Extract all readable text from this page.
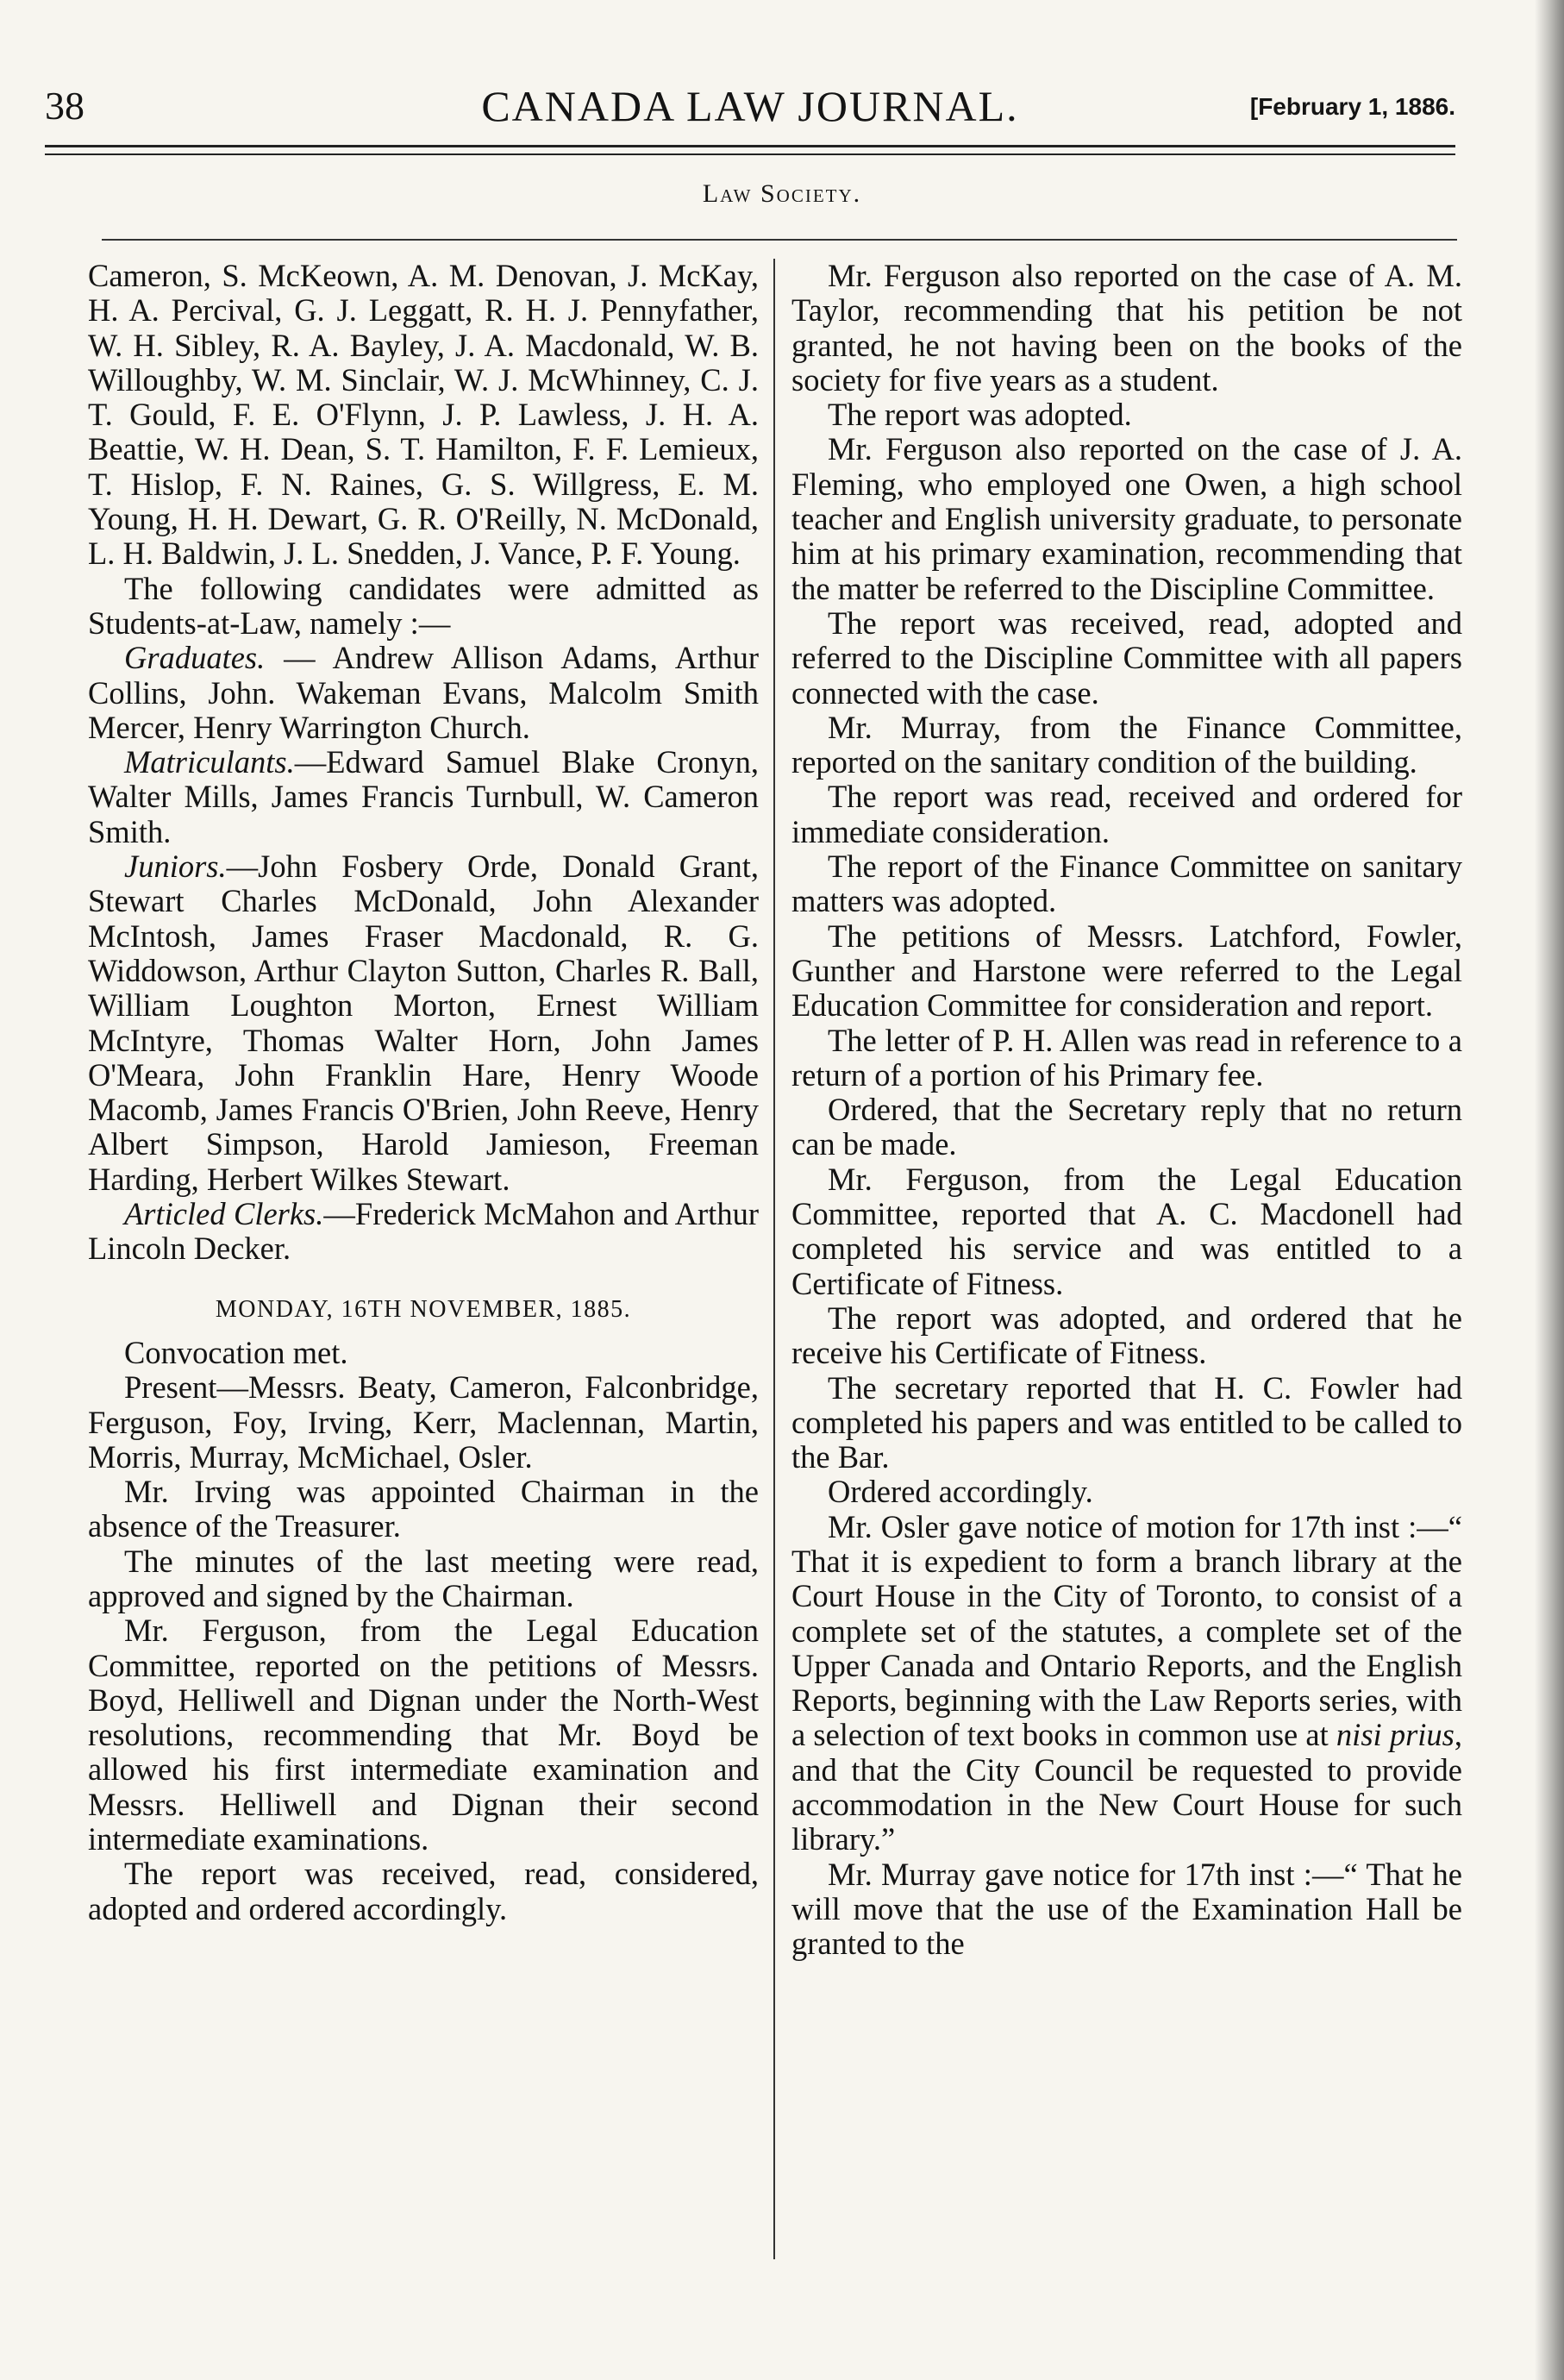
38	CANADA LAW JOURNAL.	[February 1, 1886.
Law Society.

Cameron, S. McKeown, A. M. Denovan, J. McKay, H. A. Percival, G. J. Leggatt, R. H. J. Pennyfather, W. H. Sibley, R. A. Bayley, J. A. Macdonald, W. B. Willoughby, W. M. Sinclair, W. J. McWhinney, C. J. T. Gould, F. E. O'Flynn, J. P. Lawless, J. H. A. Beattie, W. H. Dean, S. T. Hamilton, F. F. Lemieux, T. Hislop, F. N. Raines, G. S. Willgress, E. M. Young, H. H. Dewart, G. R. O'Reilly, N. McDonald, L. H. Baldwin, J. L. Snedden, J. Vance, P. F. Young.

The following candidates were admitted as Students-at-Law, namely :—

Graduates. — Andrew Allison Adams, Arthur Collins, John. Wakeman Evans, Malcolm Smith Mercer, Henry Warrington Church.

Matriculants.—Edward Samuel Blake Cronyn, Walter Mills, James Francis Turnbull, W. Cameron Smith.

Juniors.—John Fosbery Orde, Donald Grant, Stewart Charles McDonald, John Alexander McIntosh, James Fraser Macdonald, R. G. Widdowson, Arthur Clayton Sutton, Charles R. Ball, William Loughton Morton, Ernest William McIntyre, Thomas Walter Horn, John James O'Meara, John Franklin Hare, Henry Woode Macomb, James Francis O'Brien, John Reeve, Henry Albert Simpson, Harold Jamieson, Freeman Harding, Herbert Wilkes Stewart.

Articled Clerks.—Frederick McMahon and Arthur Lincoln Decker.

MONDAY, 16TH NOVEMBER, 1885.

Convocation met.

Present—Messrs. Beaty, Cameron, Falconbridge, Ferguson, Foy, Irving, Kerr, Maclennan, Martin, Morris, Murray, McMichael, Osler.

Mr. Irving was appointed Chairman in the absence of the Treasurer.

The minutes of the last meeting were read, approved and signed by the Chairman.

Mr. Ferguson, from the Legal Education Committee, reported on the petitions of Messrs. Boyd, Helliwell and Dignan under the North-West resolutions, recommending that Mr. Boyd be allowed his first intermediate examination and Messrs. Helliwell and Dignan their second intermediate examinations.

The report was received, read, considered, adopted and ordered accordingly.

Mr. Ferguson also reported on the case of A. M. Taylor, recommending that his petition be not granted, he not having been on the books of the society for five years as a student.

The report was adopted.

Mr. Ferguson also reported on the case of J. A. Fleming, who employed one Owen, a high school teacher and English university graduate, to personate him at his primary examination, recommending that the matter be referred to the Discipline Committee.

The report was received, read, adopted and referred to the Discipline Committee with all papers connected with the case.

Mr. Murray, from the Finance Committee, reported on the sanitary condition of the building.

The report was read, received and ordered for immediate consideration.

The report of the Finance Committee on sanitary matters was adopted.

The petitions of Messrs. Latchford, Fowler, Gunther and Harstone were referred to the Legal Education Committee for consideration and report.

The letter of P. H. Allen was read in reference to a return of a portion of his Primary fee.

Ordered, that the Secretary reply that no return can be made.

Mr. Ferguson, from the Legal Education Committee, reported that A. C. Macdonell had completed his service and was entitled to a Certificate of Fitness.

The report was adopted, and ordered that he receive his Certificate of Fitness.

The secretary reported that H. C. Fowler had completed his papers and was entitled to be called to the Bar.

Ordered accordingly.

Mr. Osler gave notice of motion for 17th inst :—“ That it is expedient to form a branch library at the Court House in the City of Toronto, to consist of a complete set of the statutes, a complete set of the Upper Canada and Ontario Reports, and the English Reports, beginning with the Law Reports series, with a selection of text books in common use at nisi prius, and that the City Council be requested to provide accommodation in the New Court House for such library.”

Mr. Murray gave notice for 17th inst :—“ That he will move that the use of the Examination Hall be granted to the
